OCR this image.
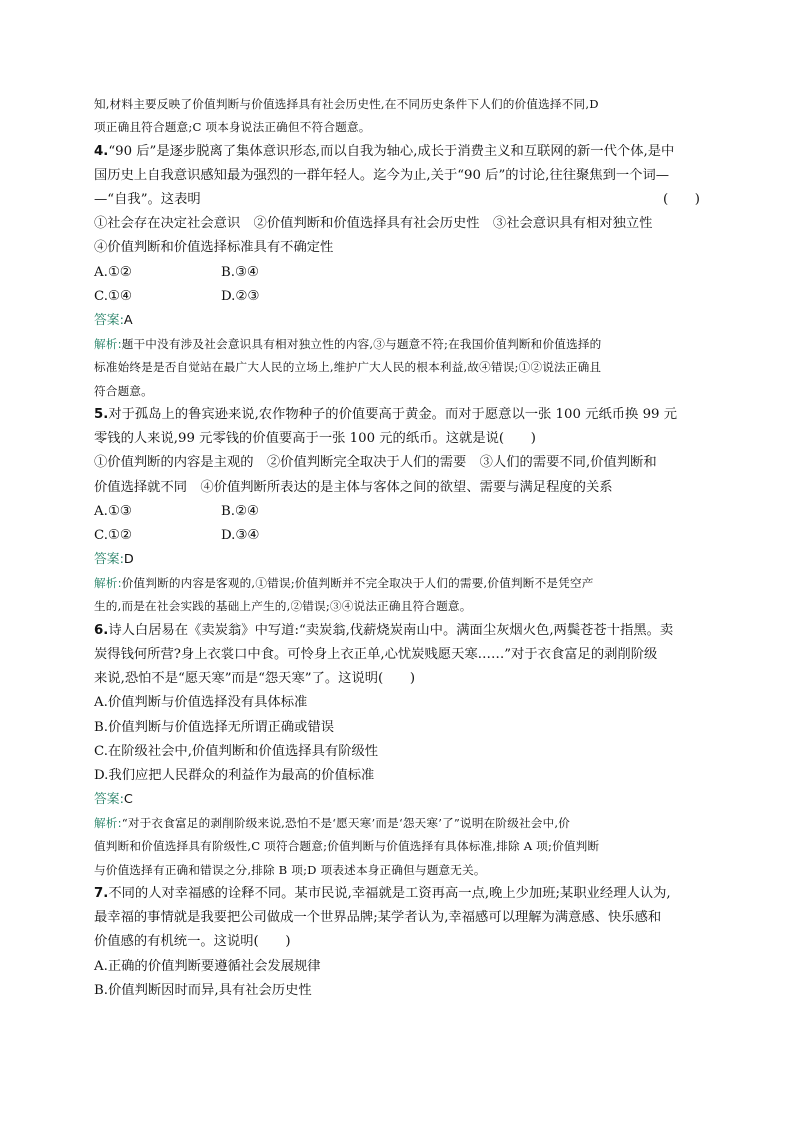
知,材料主要反映了价值判断与价值选择具有社会历史性,在不同历史条件下人们的价值选择不同,D
项正确且符合题意;C 项本身说法正确但不符合题意。
4.“90 后”是逐步脱离了集体意识形态,而以自我为轴心,成长于消费主义和互联网的新一代个体,是中
国历史上自我意识感知最为强烈的一群年轻人。迄今为止,关于“90 后”的讨论,往往聚焦到一个词—
—“自我”。这表明	(　　)
①社会存在决定社会意识　②价值判断和价值选择具有社会历史性　③社会意识具有相对独立性
④价值判断和价值选择标准具有不确定性
A.①②	B.③④
C.①④	D.②③
答案:A
解析:题干中没有涉及社会意识具有相对独立性的内容,③与题意不符;在我国价值判断和价值选择的
标准始终是是否自觉站在最广大人民的立场上,维护广大人民的根本利益,故④错误;①②说法正确且
符合题意。
5.对于孤岛上的鲁宾逊来说,农作物种子的价值要高于黄金。而对于愿意以一张 100 元纸币换 99 元
零钱的人来说,99 元零钱的价值要高于一张 100 元的纸币。这就是说(　　)
①价值判断的内容是主观的　②价值判断完全取决于人们的需要　③人们的需要不同,价值判断和
价值选择就不同　④价值判断所表达的是主体与客体之间的欲望、需要与满足程度的关系
A.①③	B.②④
C.①②	D.③④
答案:D
解析:价值判断的内容是客观的,①错误;价值判断并不完全取决于人们的需要,价值判断不是凭空产
生的,而是在社会实践的基础上产生的,②错误;③④说法正确且符合题意。
6.诗人白居易在《卖炭翁》中写道:“卖炭翁,伐薪烧炭南山中。满面尘灰烟火色,两鬓苍苍十指黑。卖
炭得钱何所营?身上衣裳口中食。可怜身上衣正单,心忧炭贱愿天寒……”对于衣食富足的剥削阶级
来说,恐怕不是“愿天寒”而是“怨天寒”了。这说明(　　)
A.价值判断与价值选择没有具体标准
B.价值判断与价值选择无所谓正确或错误
C.在阶级社会中,价值判断和价值选择具有阶级性
D.我们应把人民群众的利益作为最高的价值标准
答案:C
解析:“对于衣食富足的剥削阶级来说,恐怕不是‘愿天寒’而是‘怨天寒’了”说明在阶级社会中,价
值判断和价值选择具有阶级性,C 项符合题意;价值判断与价值选择有具体标准,排除 A 项;价值判断
与价值选择有正确和错误之分,排除 B 项;D 项表述本身正确但与题意无关。
7.不同的人对幸福感的诠释不同。某市民说,幸福就是工资再高一点,晚上少加班;某职业经理人认为,
最幸福的事情就是我要把公司做成一个世界品牌;某学者认为,幸福感可以理解为满意感、快乐感和
价值感的有机统一。这说明(　　)
A.正确的价值判断要遵循社会发展规律
B.价值判断因时而异,具有社会历史性
